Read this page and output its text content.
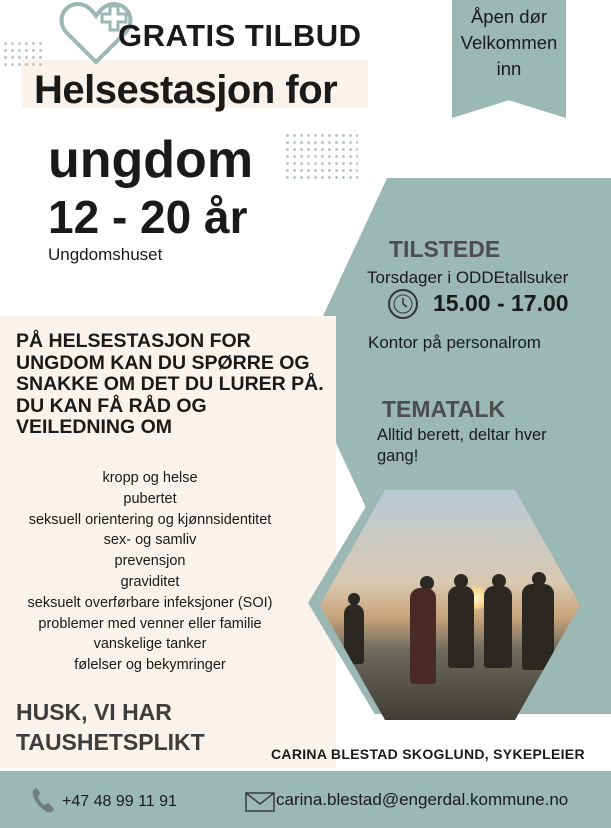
GRATIS TILBUD
Helsestasjon for
ungdom
12 - 20 år
Ungdomshuset
Åpen dør
Velkommen
inn
TILSTEDE
Torsdager i ODDEtallsuker
15.00 - 17.00
Kontor på personalrom
TEMATALK
Alltid berett, deltar hver gang!
PÅ HELSESTASJON FOR UNGDOM KAN DU SPØRRE OG SNAKKE OM DET DU LURER PÅ. DU KAN FÅ RÅD OG VEILEDNING OM
kropp og helse
pubertet
seksuell orientering og kjønnsidentitet
sex- og samliv
prevensjon
graviditet
seksuelt overførbare infeksjoner (SOI)
problemer med venner eller familie
vanskelige tanker
følelser og bekymringer
HUSK, VI HAR TAUSHETSPLIKT	CARINA BLESTAD SKOGLUND, SYKEPLEIER
+47 48 99 11 91	carina.blestad@engerdal.kommune.no
